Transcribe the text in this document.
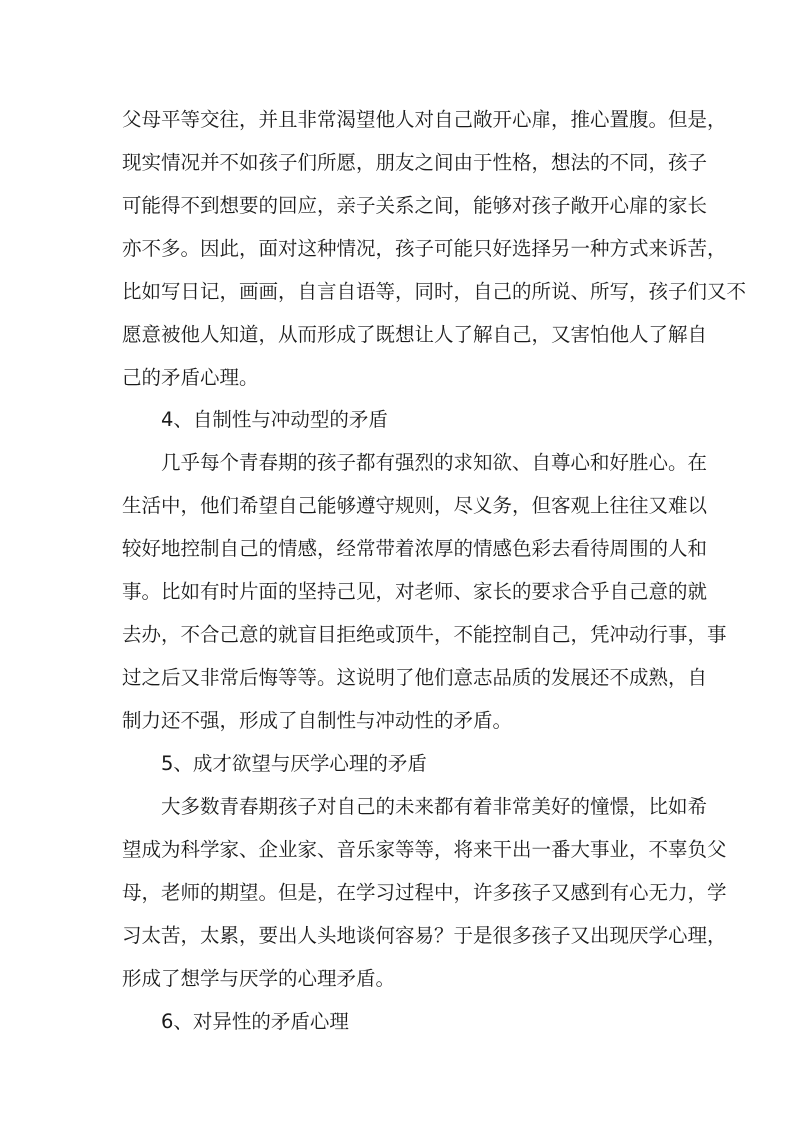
父母平等交往，并且非常渴望他人对自己敞开心扉，推心置腹。但是，
现实情况并不如孩子们所愿，朋友之间由于性格，想法的不同，孩子
可能得不到想要的回应，亲子关系之间，能够对孩子敞开心扉的家长
亦不多。因此，面对这种情况，孩子可能只好选择另一种方式来诉苦，
比如写日记，画画，自言自语等，同时，自己的所说、所写，孩子们又不
愿意被他人知道，从而形成了既想让人了解自己，又害怕他人了解自
己的矛盾心理。
4、自制性与冲动型的矛盾
几乎每个青春期的孩子都有强烈的求知欲、自尊心和好胜心。在
生活中，他们希望自己能够遵守规则，尽义务，但客观上往往又难以
较好地控制自己的情感，经常带着浓厚的情感色彩去看待周围的人和
事。比如有时片面的坚持己见，对老师、家长的要求合乎自己意的就
去办，不合己意的就盲目拒绝或顶牛，不能控制自己，凭冲动行事，事
过之后又非常后悔等等。这说明了他们意志品质的发展还不成熟，自
制力还不强，形成了自制性与冲动性的矛盾。
5、成才欲望与厌学心理的矛盾
大多数青春期孩子对自己的未来都有着非常美好的憧憬，比如希
望成为科学家、企业家、音乐家等等，将来干出一番大事业，不辜负父
母，老师的期望。但是，在学习过程中，许多孩子又感到有心无力，学
习太苦，太累，要出人头地谈何容易？于是很多孩子又出现厌学心理，
形成了想学与厌学的心理矛盾。
6、对异性的矛盾心理
